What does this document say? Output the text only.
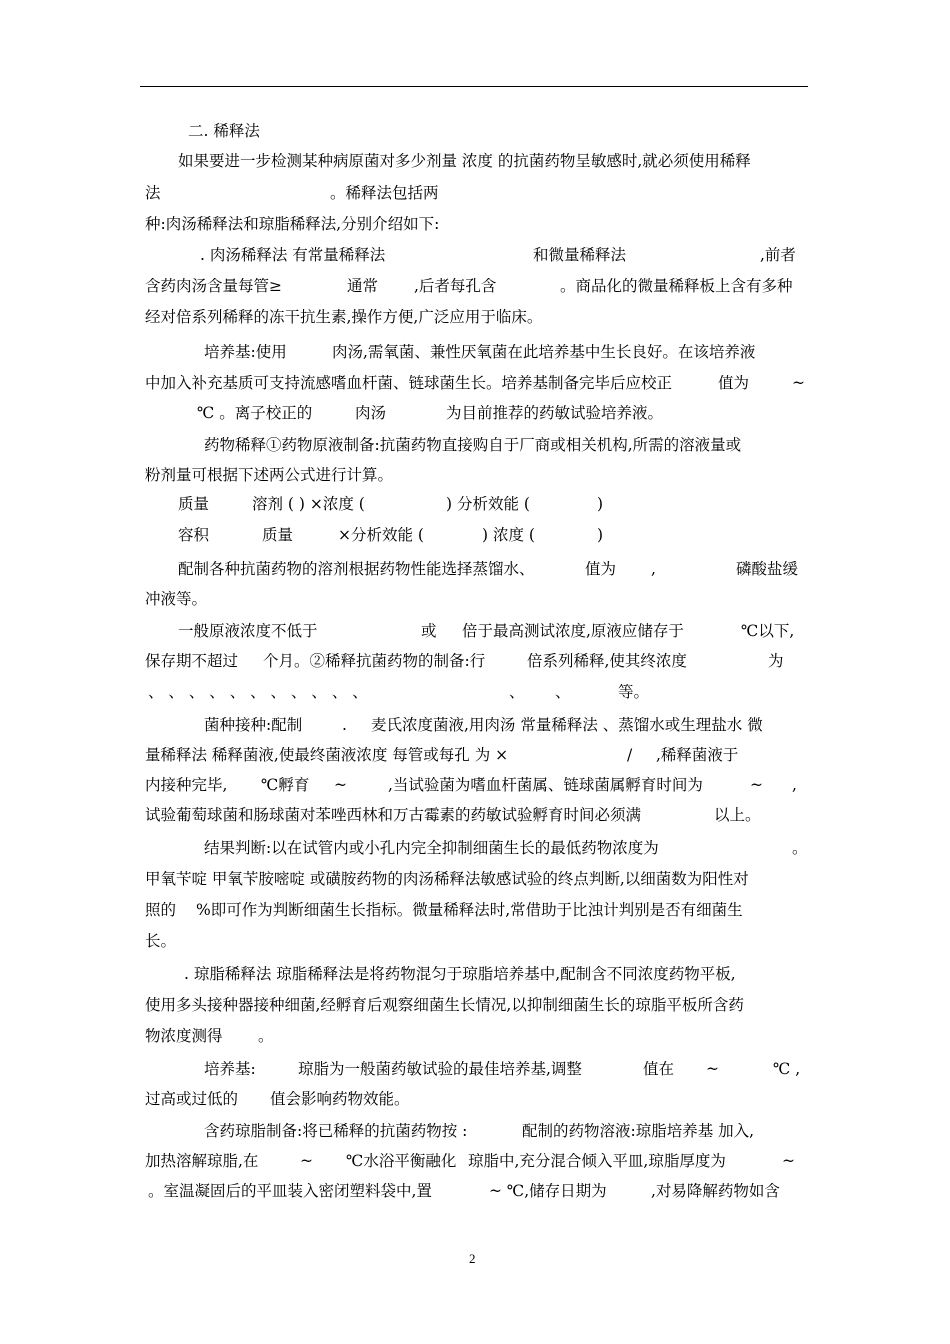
二. 稀释法
如果要进一步检测某种病原菌对多少剂量 浓度 的抗菌药物呈敏感时,就必须使用稀释
法	。稀释法包括两
种:肉汤稀释法和琼脂稀释法,分别介绍如下:
. 肉汤稀释法 有常量稀释法	和微量稀释法	,前者
含药肉汤含量每管≥	通常 ,后者每孔含	。商品化的微量稀释板上含有多种
经对倍系列稀释的冻干抗生素,操作方便,广泛应用于临床。
培养基:使用	肉汤,需氧菌、兼性厌氧菌在此培养基中生长良好。在该培养液
中加入补充基质可支持流感嗜血杆菌、链球菌生长。培养基制备完毕后应校正	值为	~
℃ 。离子校正的	肉汤	为目前推荐的药敏试验培养液。
药物稀释①药物原液制备:抗菌药物直接购自于厂商或相关机构,所需的溶液量或
粉剂量可根据下述两公式进行计算。
质量	溶剂 ( ) ×浓度 (	) 分析效能 (	)
容积	质量	×分析效能 (	) 浓度 (	)
配制各种抗菌药物的溶剂根据药物性能选择蒸馏水、	值为 ,	磷酸盐缓
冲液等。
一般原液浓度不低于	或 倍于最高测试浓度,原液应储存于	℃以下,
保存期不超过 个月。②稀释抗菌药物的制备:行	倍系列稀释,使其终浓度	为
、 、 、 、 、 、 、 、 、 、 、	、 、	等。
菌种接种:配制	. 麦氏浓度菌液,用肉汤 常量稀释法 、蒸馏水或生理盐水 微
量稀释法 稀释菌液,使最终菌液浓度 每管或每孔 为 ×	/ ,稀释菌液于
内接种完毕, ℃孵育 ~	,当试验菌为嗜血杆菌属、链球菌属孵育时间为	~ ,
试验葡萄球菌和肠球菌对苯唑西林和万古霉素的药敏试验孵育时间必须满	以上。
结果判断:以在试管内或小孔内完全抑制细菌生长的最低药物浓度为	。
甲氧苄啶 甲氧苄胺嘧啶 或磺胺药物的肉汤稀释法敏感试验的终点判断,以细菌数为阳性对
照的 %即可作为判断细菌生长指标。微量稀释法时,常借助于比浊计判别是否有细菌生
长。
. 琼脂稀释法 琼脂稀释法是将药物混匀于琼脂培养基中,配制含不同浓度药物平板,
使用多头接种器接种细菌,经孵育后观察细菌生长情况,以抑制细菌生长的琼脂平板所含药
物浓度测得 。
培养基:	琼脂为一般菌药敏试验的最佳培养基,调整	值在 ~	℃ ,
过高或过低的 值会影响药物效能。
含药琼脂制备:将已稀释的抗菌药物按 :	配制的药物溶液:琼脂培养基 加入,
加热溶解琼脂,在	~ ℃水浴平衡融化 琼脂中,充分混合倾入平皿,琼脂厚度为	~
。室温凝固后的平皿装入密闭塑料袋中,置	~ ℃,储存日期为	,对易降解药物如含
2
